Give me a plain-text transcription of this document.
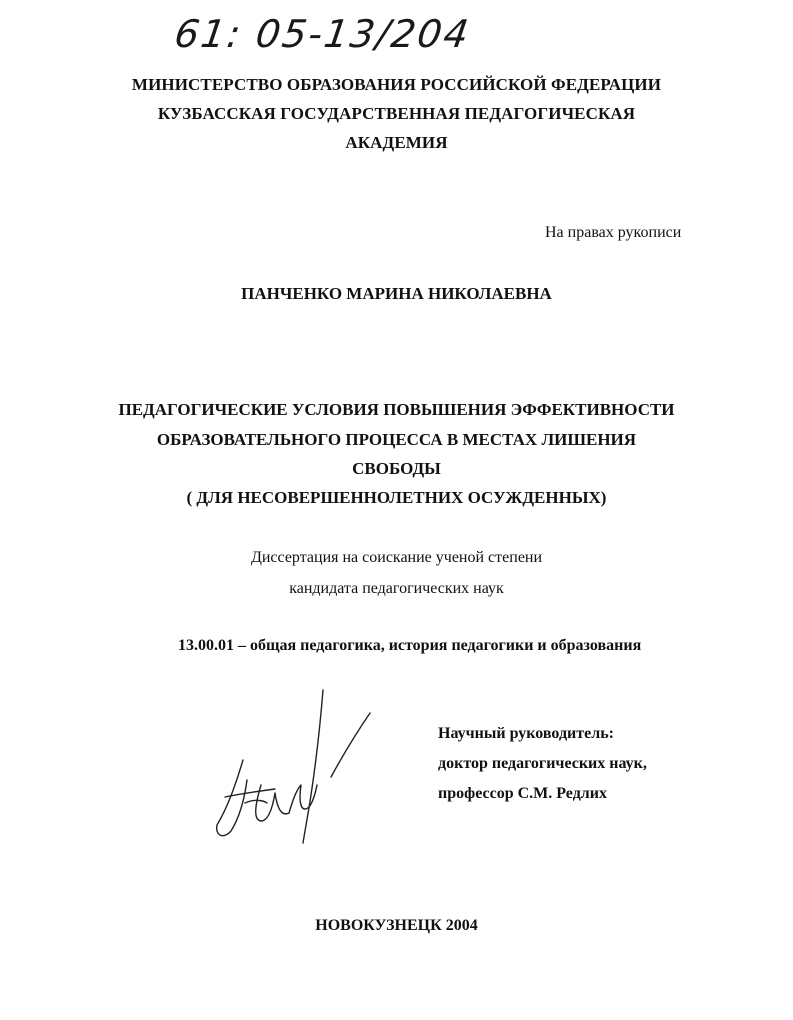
61: 05-13/204
МИНИСТЕРСТВО ОБРАЗОВАНИЯ РОССИЙСКОЙ ФЕДЕРАЦИИ
КУЗБАССКАЯ ГОСУДАРСТВЕННАЯ ПЕДАГОГИЧЕСКАЯ
АКАДЕМИЯ
На правах рукописи
ПАНЧЕНКО МАРИНА НИКОЛАЕВНА
ПЕДАГОГИЧЕСКИЕ УСЛОВИЯ ПОВЫШЕНИЯ ЭФФЕКТИВНОСТИ
ОБРАЗОВАТЕЛЬНОГО ПРОЦЕССА В МЕСТАХ ЛИШЕНИЯ
СВОБОДЫ
( ДЛЯ НЕСОВЕРШЕННОЛЕТНИХ ОСУЖДЕННЫХ)
Диссертация на соискание ученой степени
кандидата педагогических наук
13.00.01 – общая педагогика, история педагогики и образования
Научный руководитель:
доктор педагогических наук,
профессор С.М. Редлих
НОВОКУЗНЕЦК 2004
